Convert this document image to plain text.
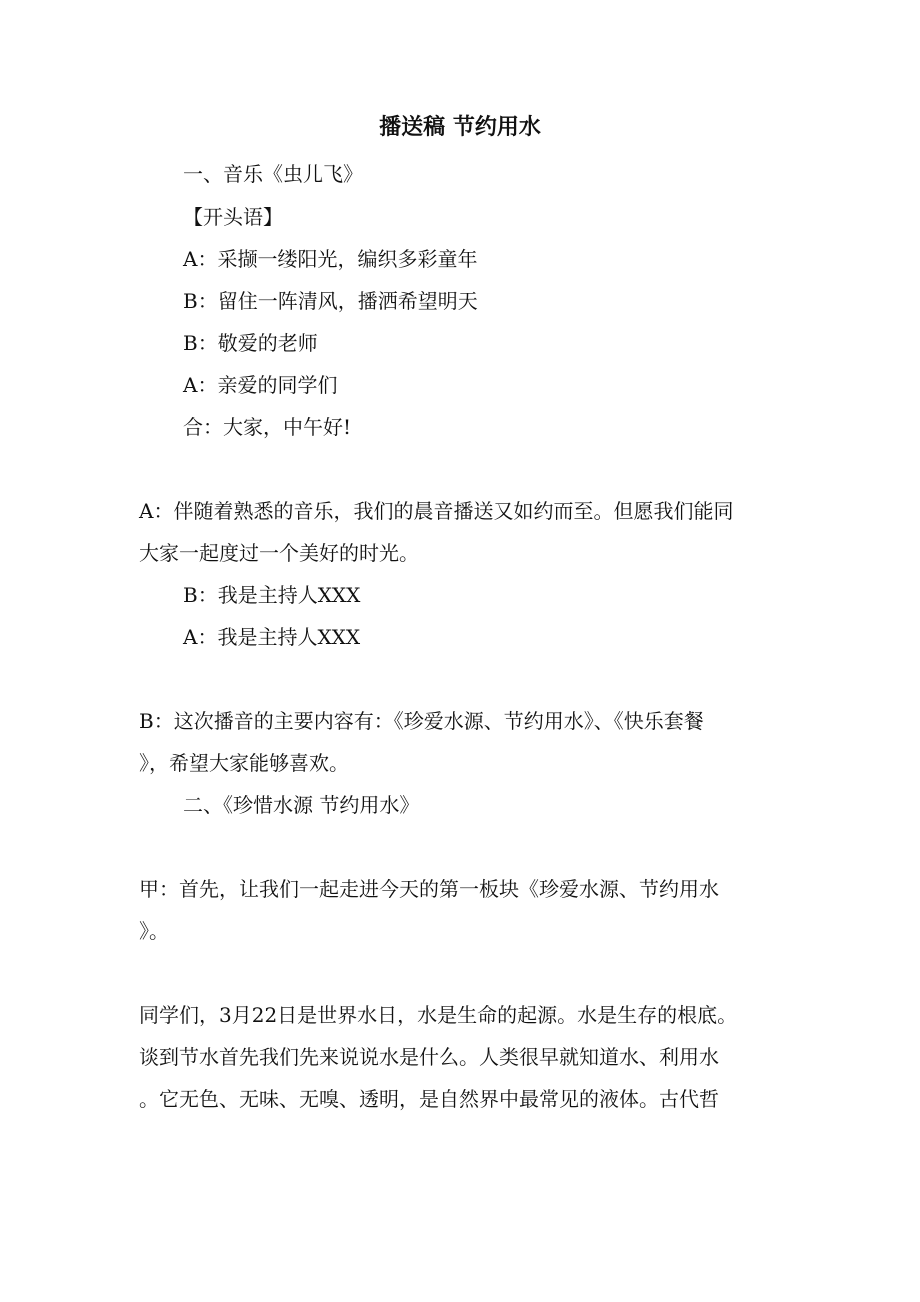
播送稿 节约用水

一、音乐《虫儿飞》

【开头语】

A：采撷一缕阳光，编织多彩童年

B：留住一阵清风，播洒希望明天

B：敬爱的老师

A：亲爱的同学们

合：大家，中午好!

A：伴随着熟悉的音乐，我们的晨音播送又如约而至。但愿我们能同

大家一起度过一个美好的时光。

B：我是主持人XXX

A：我是主持人XXX

B：这次播音的主要内容有：《珍爱水源、节约用水》、《快乐套餐

》，希望大家能够喜欢。

二、《珍惜水源 节约用水》

甲：首先，让我们一起走进今天的第一板块《珍爱水源、节约用水

》。

同学们，3月22日是世界水日，水是生命的起源。水是生存的根底。

谈到节水首先我们先来说说水是什么。人类很早就知道水、利用水

。它无色、无味、无嗅、透明，是自然界中最常见的液体。古代哲
